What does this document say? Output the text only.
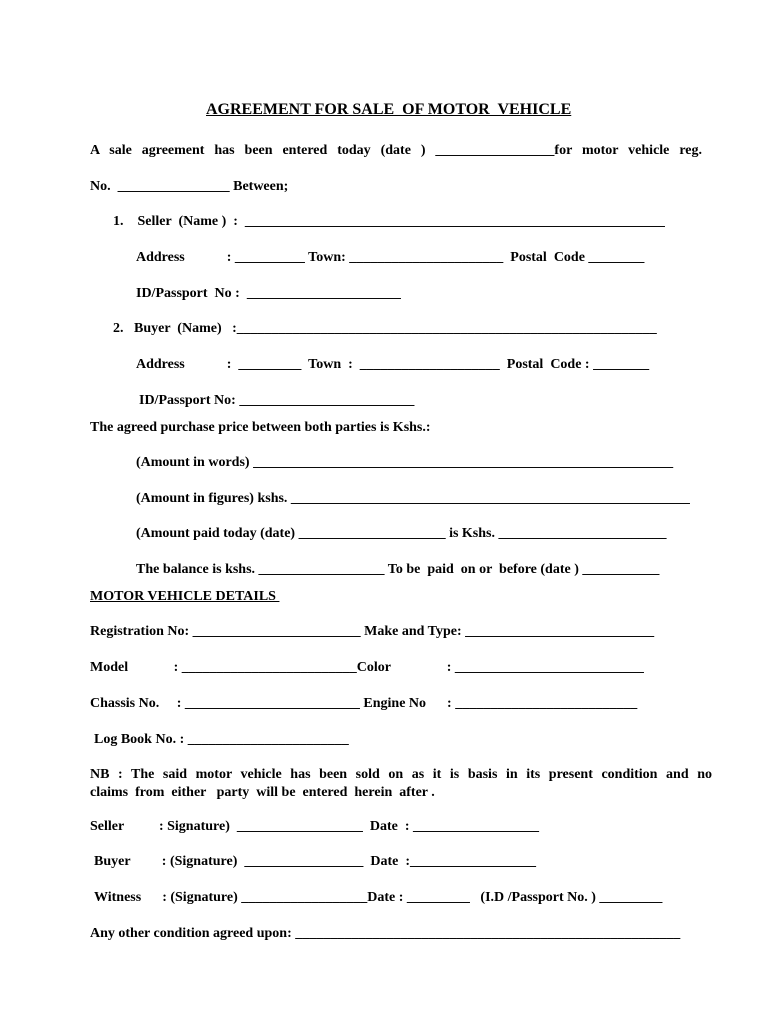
AGREEMENT FOR SALE  OF MOTOR  VEHICLE
A sale agreement has been entered today (date ) _________________for motor vehicle reg.
No.  ________________ Between;
1.    Seller  (Name )  :  ____________________________________________________________
Address            : __________ Town: ______________________  Postal  Code ________
ID/Passport  No :  ______________________
2.   Buyer  (Name)   :____________________________________________________________
Address            :  _________  Town  :  ____________________  Postal  Code : ________
ID/Passport No: _________________________
The agreed purchase price between both parties is Kshs.:
(Amount in words) ____________________________________________________________
(Amount in figures) kshs. _________________________________________________________
(Amount paid today (date) _____________________ is Kshs. ________________________
The balance is kshs. __________________ To be  paid  on or  before (date ) ___________
MOTOR VEHICLE DETAILS
Registration No: ________________________ Make and Type: ___________________________
Model             : _________________________Color                : ___________________________
Chassis No.     : _________________________ Engine No      : __________________________
Log Book No. : _______________________
NB : The said motor vehicle has been sold on as it is basis in its present condition and no
claims  from  either   party  will be  entered  herein  after .
Seller          : Signature)  __________________  Date  : __________________
Buyer         : (Signature)  _________________  Date  :__________________
Witness      : (Signature) __________________Date : _________   (I.D /Passport No. ) _________
Any other condition agreed upon: _______________________________________________________
